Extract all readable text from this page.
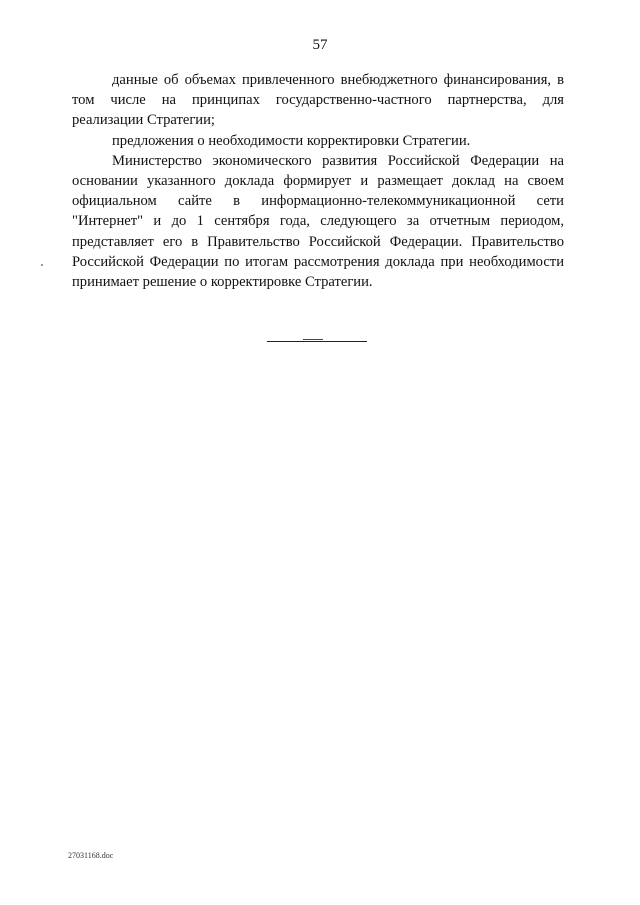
57

данные об объемах привлеченного внебюджетного финансирования, в том числе на принципах государственно-частного партнерства, для реализации Стратегии;

предложения о необходимости корректировки Стратегии.

Министерство экономического развития Российской Федерации на основании указанного доклада формирует и размещает доклад на своем официальном сайте в информационно-телекоммуникационной сети "Интернет" и до 1 сентября года, следующего за отчетным периодом, представляет его в Правительство Российской Федерации. Правительство Российской Федерации по итогам рассмотрения доклада при необходимости принимает решение о корректировке Стратегии.

27031168.doc
